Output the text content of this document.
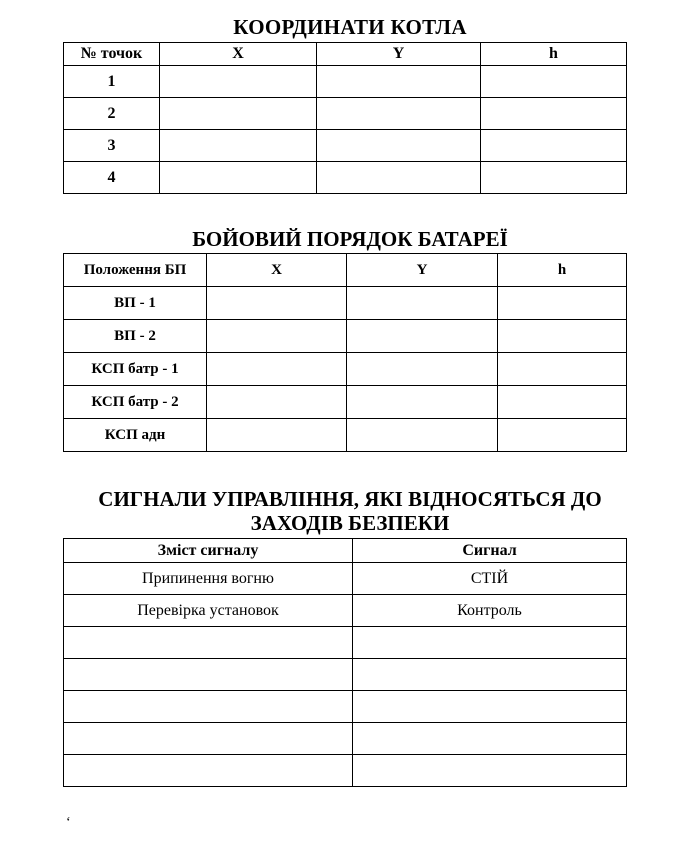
КООРДИНАТИ КОТЛА
№ точок	X	Y	h
1			
2			
3			
4			
БОЙОВИЙ ПОРЯДОК БАТАРЕЇ
Положення БП	X	Y	h
ВП - 1			
ВП - 2			
КСП батр - 1			
КСП батр - 2			
КСП адн			
СИГНАЛИ УПРАВЛІННЯ, ЯКІ ВІДНОСЯТЬСЯ ДО
ЗАХОДІВ БЕЗПЕКИ
Зміст сигналу	Сигнал
Припинення вогню	СТІЙ
Перевірка установок	Контроль

‘
